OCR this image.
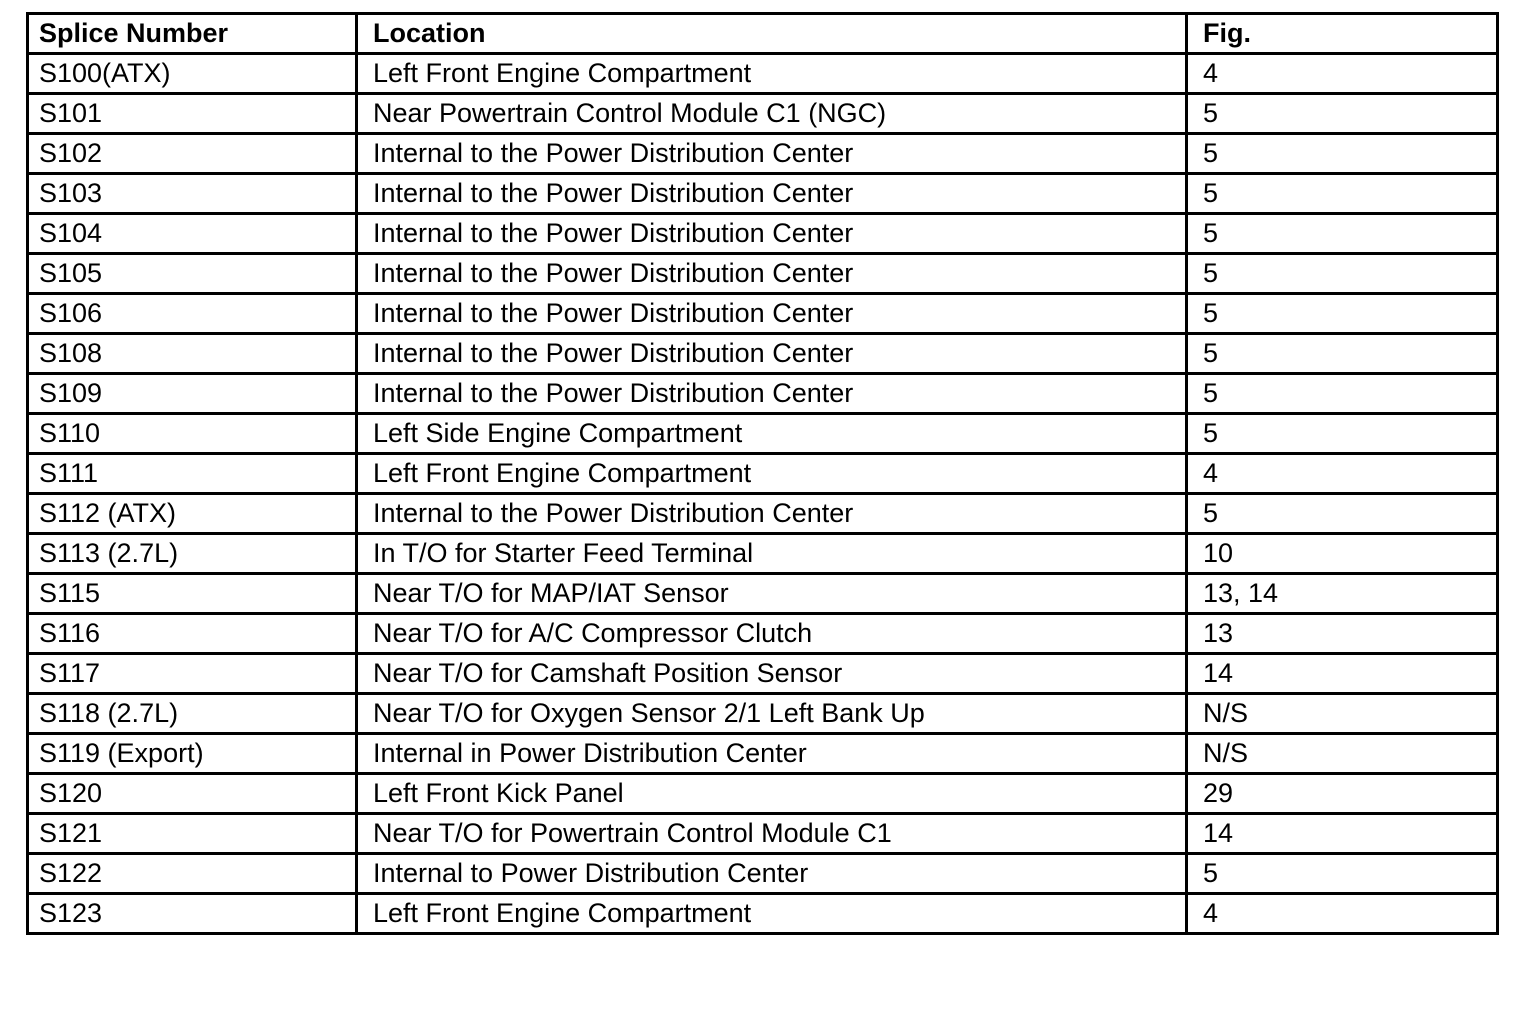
Splice Number	Location	Fig.
S100(ATX)	Left Front Engine Compartment	4
S101	Near Powertrain Control Module C1 (NGC)	5
S102	Internal to the Power Distribution Center	5
S103	Internal to the Power Distribution Center	5
S104	Internal to the Power Distribution Center	5
S105	Internal to the Power Distribution Center	5
S106	Internal to the Power Distribution Center	5
S108	Internal to the Power Distribution Center	5
S109	Internal to the Power Distribution Center	5
S110	Left Side Engine Compartment	5
S111	Left Front Engine Compartment	4
S112 (ATX)	Internal to the Power Distribution Center	5
S113 (2.7L)	In T/O for Starter Feed Terminal	10
S115	Near T/O for MAP/IAT Sensor	13, 14
S116	Near T/O for A/C Compressor Clutch	13
S117	Near T/O for Camshaft Position Sensor	14
S118 (2.7L)	Near T/O for Oxygen Sensor 2/1 Left Bank Up	N/S
S119 (Export)	Internal in Power Distribution Center	N/S
S120	Left Front Kick Panel	29
S121	Near T/O for Powertrain Control Module C1	14
S122	Internal to Power Distribution Center	5
S123	Left Front Engine Compartment	4
